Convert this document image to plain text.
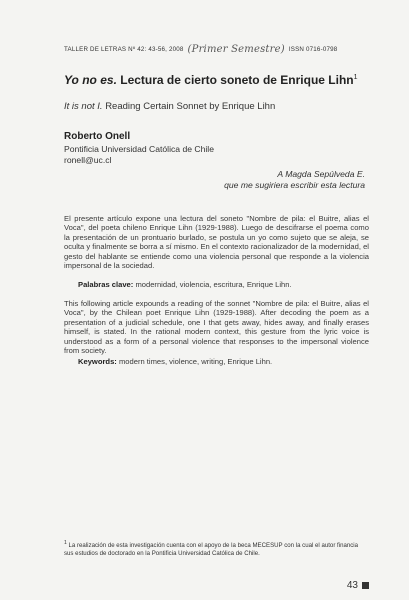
TALLER DE LETRAS Nº 42: 43-56, 2008 (Primer Semestre) ISSN 0716-0798
Yo no es. Lectura de cierto soneto de Enrique Lihn$^1$
It is not I. Reading Certain Sonnet by Enrique Lihn
Roberto Onell
Pontificia Universidad Católica de Chile
ronell@uc.cl
A Magda Sepúlveda E.
que me sugiriera escribir esta lectura
El presente artículo expone una lectura del soneto "Nombre de pila: el Buitre, alias el Voca", del poeta chileno Enrique Lihn (1929-1988). Luego de descifrarse el poema como la presentación de un prontuario burlado, se postula un yo como sujeto que se aleja, se oculta y finalmente se borra a sí mismo. En el contexto racionalizador de la modernidad, el gesto del hablante se entiende como una violencia personal que responde a la violencia impersonal de la sociedad.
Palabras clave: modernidad, violencia, escritura, Enrique Lihn.
This following article expounds a reading of the sonnet "Nombre de pila: el Buitre, alias el Voca", by the Chilean poet Enrique Lihn (1929-1988). After decoding the poem as a presentation of a judicial schedule, one I that gets away, hides away, and finally erases himself, is stated. In the rational modern context, this gesture from the lyric voice is understood as a form of a personal violence that responses to the impersonal violence from society.
Keywords: modern times, violence, writing, Enrique Lihn.
$^1$ La realización de esta investigación cuenta con el apoyo de la beca MECESUP con la cual el autor financia sus estudios de doctorado en la Pontificia Universidad Católica de Chile.
43
